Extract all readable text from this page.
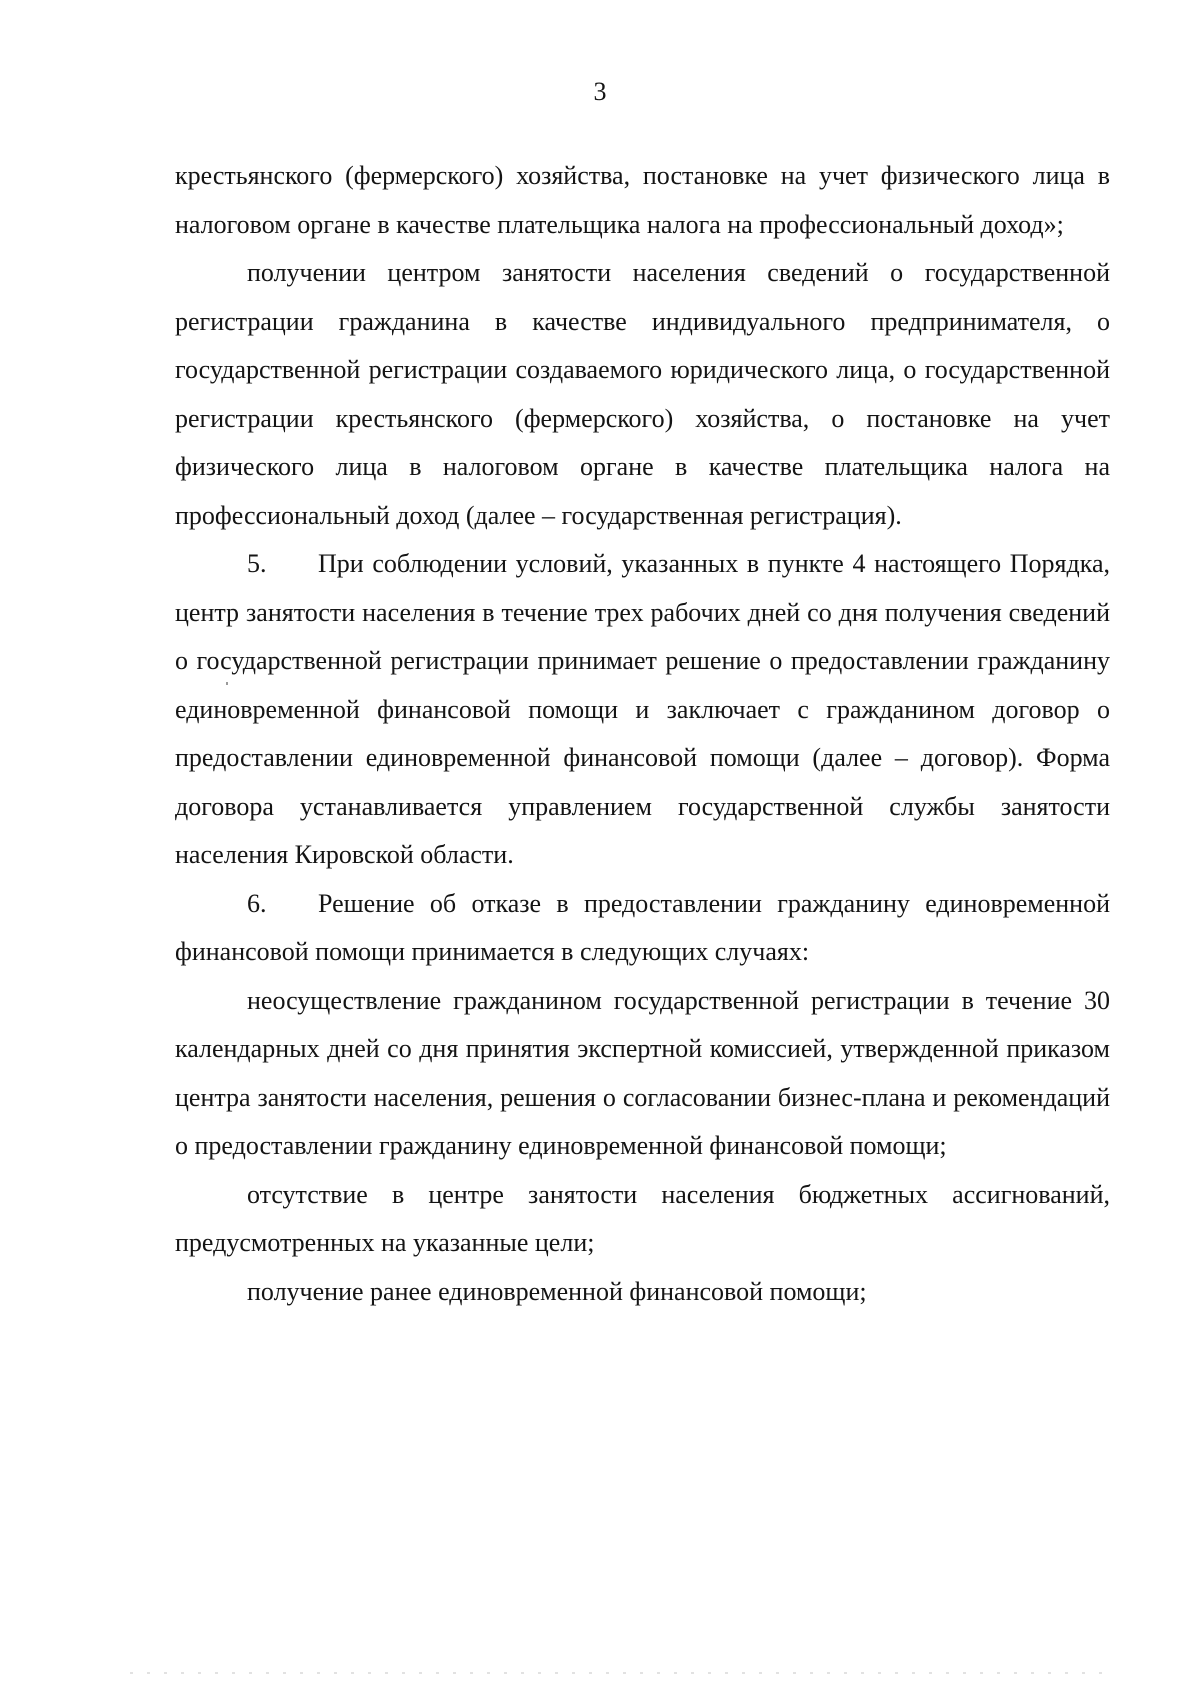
3

крестьянского (фермерского) хозяйства, постановке на учет физического лица в налоговом органе в качестве плательщика налога на профессиональный доход»;

получении центром занятости населения сведений о государственной регистрации гражданина в качестве индивидуального предпринимателя, о государственной регистрации создаваемого юридического лица, о государственной регистрации крестьянского (фермерского) хозяйства, о постановке на учет физического лица в налоговом органе в качестве плательщика налога на профессиональный доход (далее – государственная регистрация).

5. При соблюдении условий, указанных в пункте 4 настоящего Порядка, центр занятости населения в течение трех рабочих дней со дня получения сведений о государственной регистрации принимает решение о предоставлении гражданину единовременной финансовой помощи и заключает с гражданином договор о предоставлении единовременной финансовой помощи (далее – договор). Форма договора устанавливается управлением государственной службы занятости населения Кировской области.

6. Решение об отказе в предоставлении гражданину единовременной финансовой помощи принимается в следующих случаях:

неосуществление гражданином государственной регистрации в течение 30 календарных дней со дня принятия экспертной комиссией, утвержденной приказом центра занятости населения, решения о согласовании бизнес-плана и рекомендаций о предоставлении гражданину единовременной финансовой помощи;

отсутствие в центре занятости населения бюджетных ассигнований, предусмотренных на указанные цели;

получение ранее единовременной финансовой помощи;
